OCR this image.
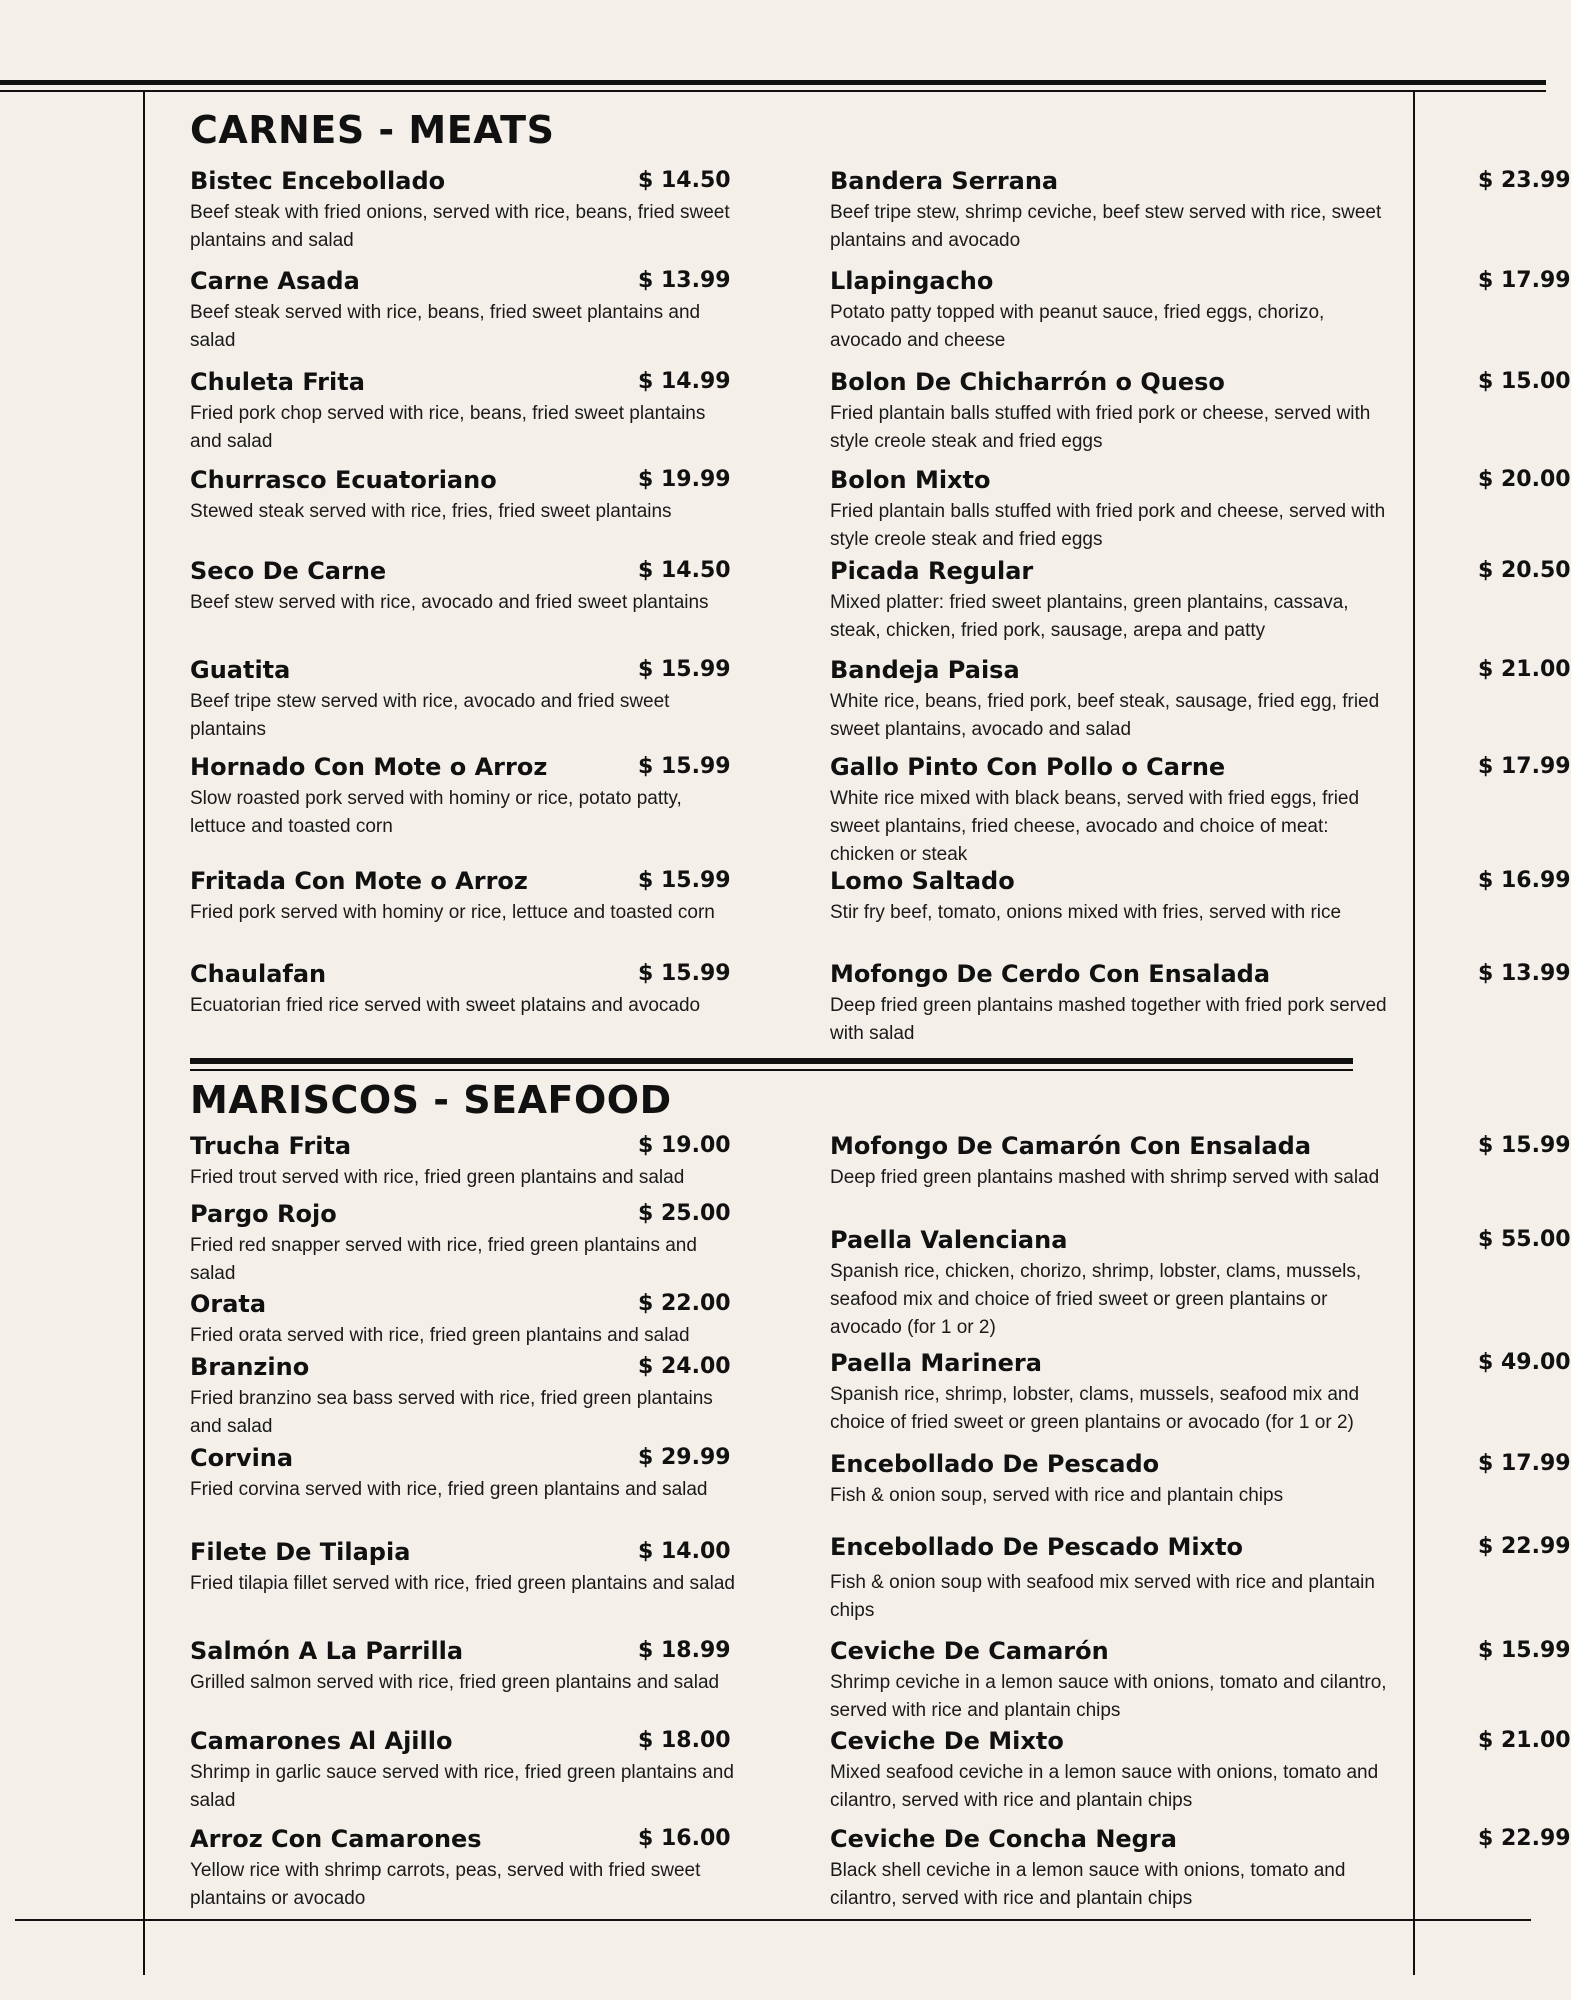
CARNES - MEATS
Bistec Encebollado	$ 14.50
Beef steak with fried onions, served with rice, beans, fried sweet plantains and salad
Carne Asada	$ 13.99
Beef steak served with rice, beans, fried sweet plantains and salad
Chuleta Frita	$ 14.99
Fried pork chop served with rice, beans, fried sweet plantains and salad
Churrasco Ecuatoriano	$ 19.99
Stewed steak served with rice, fries, fried sweet plantains
Seco De Carne	$ 14.50
Beef stew served with rice, avocado and fried sweet plantains
Guatita	$ 15.99
Beef tripe stew served with rice, avocado and fried sweet plantains
Hornado Con Mote o Arroz	$ 15.99
Slow roasted pork served with hominy or rice, potato patty, lettuce and toasted corn
Fritada Con Mote o Arroz	$ 15.99
Fried pork served with hominy or rice, lettuce and toasted corn
Chaulafan	$ 15.99
Ecuatorian fried rice served with sweet platains and avocado
Bandera Serrana	$ 23.99
Beef tripe stew, shrimp ceviche, beef stew served with rice, sweet plantains and avocado
Llapingacho	$ 17.99
Potato patty topped with peanut sauce, fried eggs, chorizo, avocado and cheese
Bolon De Chicharrón o Queso	$ 15.00
Fried plantain balls stuffed with fried pork or cheese, served with style creole steak and fried eggs
Bolon Mixto	$ 20.00
Fried plantain balls stuffed with fried pork and cheese, served with style creole steak and fried eggs
Picada Regular	$ 20.50
Mixed platter: fried sweet plantains, green plantains, cassava, steak, chicken, fried pork, sausage, arepa and patty
Bandeja Paisa	$ 21.00
White rice, beans, fried pork, beef steak, sausage, fried egg, fried sweet plantains, avocado and salad
Gallo Pinto Con Pollo o Carne	$ 17.99
White rice mixed with black beans, served with fried eggs, fried sweet plantains, fried cheese, avocado and choice of meat: chicken or steak
Lomo Saltado	$ 16.99
Stir fry beef, tomato, onions mixed with fries, served with rice
Mofongo De Cerdo Con Ensalada	$ 13.99
Deep fried green plantains mashed together with fried pork served with salad
MARISCOS - SEAFOOD
Trucha Frita	$ 19.00
Fried trout served with rice, fried green plantains and salad
Pargo Rojo	$ 25.00
Fried red snapper served with rice, fried green plantains and salad
Orata	$ 22.00
Fried orata served with rice, fried green plantains and salad
Branzino	$ 24.00
Fried branzino sea bass served with rice, fried green plantains and salad
Corvina	$ 29.99
Fried corvina served with rice, fried green plantains and salad
Filete De Tilapia	$ 14.00
Fried tilapia fillet served with rice, fried green plantains and salad
Salmón A La Parrilla	$ 18.99
Grilled salmon served with rice, fried green plantains and salad
Camarones Al Ajillo	$ 18.00
Shrimp in garlic sauce served with rice, fried green plantains and salad
Arroz Con Camarones	$ 16.00
Yellow rice with shrimp carrots, peas, served with fried sweet plantains or avocado
Mofongo De Camarón Con Ensalada	$ 15.99
Deep fried green plantains mashed with shrimp served with salad
Paella Valenciana	$ 55.00
Spanish rice, chicken, chorizo, shrimp, lobster, clams, mussels, seafood mix and choice of fried sweet or green plantains or avocado (for 1 or 2)
Paella Marinera	$ 49.00
Spanish rice, shrimp, lobster, clams, mussels, seafood mix and choice of fried sweet or green plantains or avocado (for 1 or 2)
Encebollado De Pescado	$ 17.99
Fish & onion soup, served with rice and plantain chips
Encebollado De Pescado Mixto	$ 22.99
Fish & onion soup with seafood mix served with rice and plantain chips
Ceviche De Camarón	$ 15.99
Shrimp ceviche in a lemon sauce with onions, tomato and cilantro, served with rice and plantain chips
Ceviche De Mixto	$ 21.00
Mixed seafood ceviche in a lemon sauce with onions, tomato and cilantro, served with rice and plantain chips
Ceviche De Concha Negra	$ 22.99
Black shell ceviche in a lemon sauce with onions, tomato and cilantro, served with rice and plantain chips
